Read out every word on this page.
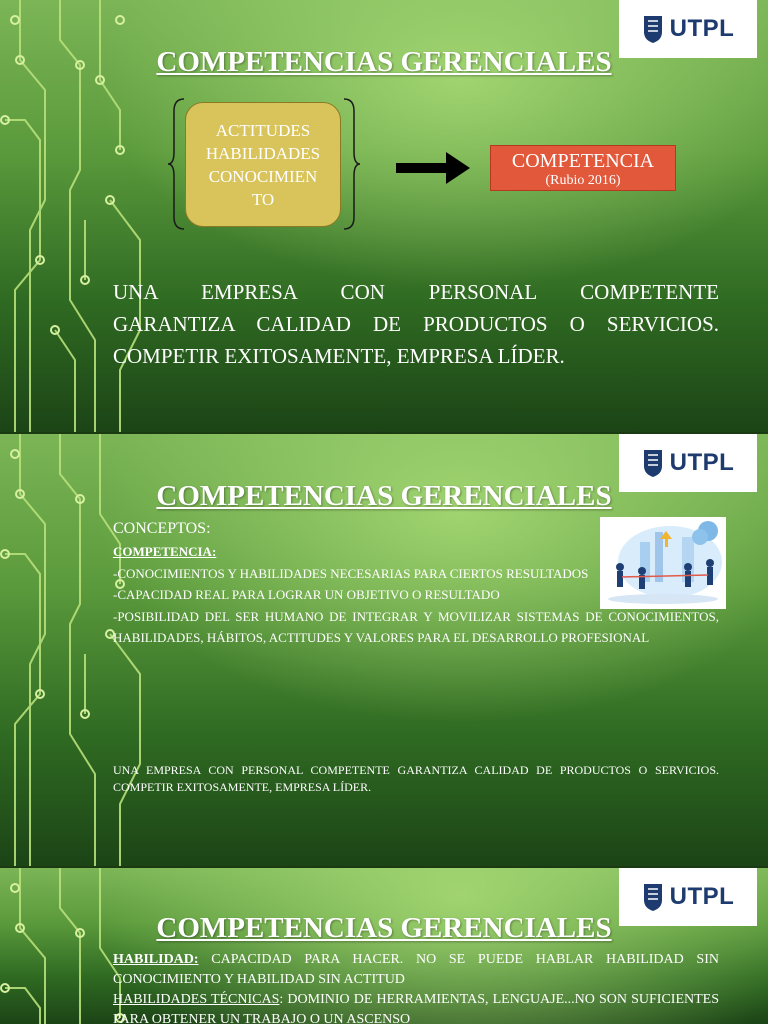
UTPL
COMPETENCIAS GERENCIALES
ACTITUDES
HABILIDADES
CONOCIMIEN
TO
COMPETENCIA
(Rubio 2016)
UNA EMPRESA CON PERSONAL COMPETENTE
GARANTIZA CALIDAD DE PRODUCTOS O SERVICIOS.
COMPETIR EXITOSAMENTE, EMPRESA LÍDER.
UTPL
COMPETENCIAS GERENCIALES
CONCEPTOS:
COMPETENCIA:
-CONOCIMIENTOS Y HABILIDADES NECESARIAS PARA CIERTOS RESULTADOS
-CAPACIDAD REAL PARA LOGRAR UN OBJETIVO O RESULTADO
-POSIBILIDAD DEL SER HUMANO DE INTEGRAR Y MOVILIZAR SISTEMAS DE CONOCIMIENTOS, HABILIDADES, HÁBITOS, ACTITUDES Y VALORES PARA EL DESARROLLO PROFESIONAL
UNA EMPRESA CON PERSONAL COMPETENTE GARANTIZA CALIDAD DE PRODUCTOS O SERVICIOS. COMPETIR EXITOSAMENTE, EMPRESA LÍDER.
UTPL
COMPETENCIAS GERENCIALES
HABILIDAD: CAPACIDAD PARA HACER. NO SE PUEDE HABLAR HABILIDAD SIN CONOCIMIENTO Y HABILIDAD SIN ACTITUD
HABILIDADES TÉCNICAS: DOMINIO DE HERRAMIENTAS, LENGUAJE...NO SON SUFICIENTES PARA OBTENER UN TRABAJO O UN ASCENSO
